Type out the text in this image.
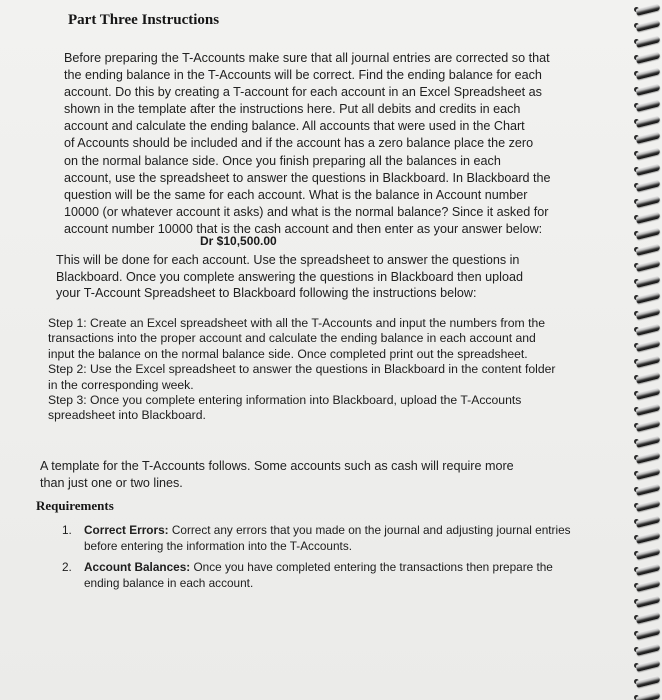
Part Three Instructions
Before preparing the T-Accounts make sure that all journal entries are corrected so that
the ending balance in the T-Accounts will be correct. Find the ending balance for each
account. Do this by creating a T-account for each account in an Excel Spreadsheet as
shown in the template after the instructions here. Put all debits and credits in each
account and calculate the ending balance. All accounts that were used in the Chart
of Accounts should be included and if the account has a zero balance place the zero
on the normal balance side. Once you finish preparing all the balances in each
account, use the spreadsheet to answer the questions in Blackboard. In Blackboard the
question will be the same for each account. What is the balance in Account number
10000 (or whatever account it asks) and what is the normal balance? Since it asked for
account number 10000 that is the cash account and then enter as your answer below:
Dr $10,500.00
This will be done for each account. Use the spreadsheet to answer the questions in
Blackboard. Once you complete answering the questions in Blackboard then upload
your T-Account Spreadsheet to Blackboard following the instructions below:
Step 1: Create an Excel spreadsheet with all the T-Accounts and input the numbers from the
transactions into the proper account and calculate the ending balance in each account and
input the balance on the normal balance side. Once completed print out the spreadsheet.
Step 2: Use the Excel spreadsheet to answer the questions in Blackboard in the content folder
in the corresponding week.
Step 3: Once you complete entering information into Blackboard, upload the T-Accounts
spreadsheet into Blackboard.
A template for the T-Accounts follows. Some accounts such as cash will require more
than just one or two lines.
Requirements
1.	Correct Errors: Correct any errors that you made on the journal and adjusting journal entries
before entering the information into the T-Accounts.
2.	Account Balances: Once you have completed entering the transactions then prepare the
ending balance in each account.
